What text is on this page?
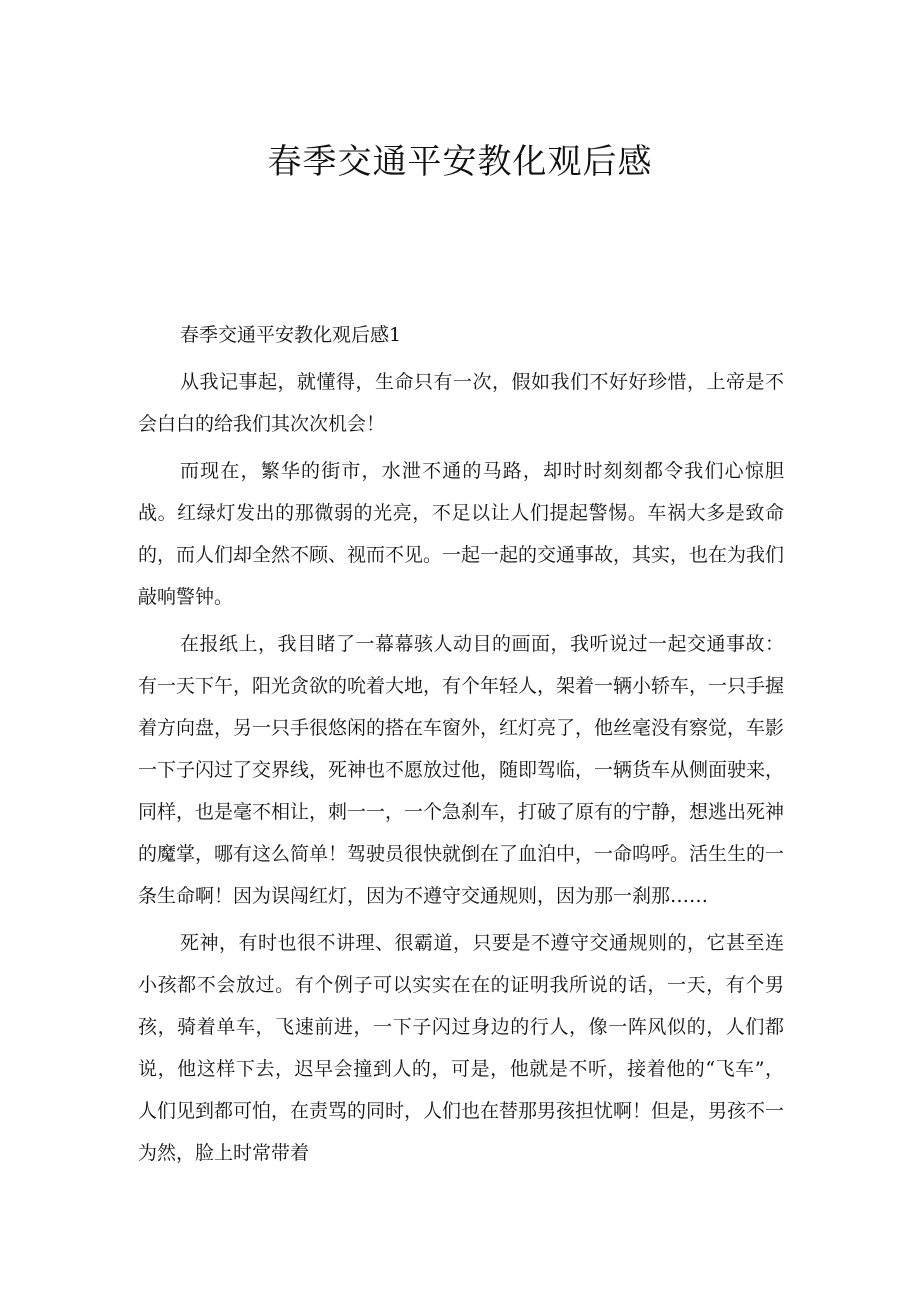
春季交通平安教化观后感

春季交通平安教化观后感1

从我记事起，就懂得，生命只有一次，假如我们不好好珍惜，上帝是不会白白的给我们其次次机会！

而现在，繁华的街市，水泄不通的马路，却时时刻刻都令我们心惊胆战。红绿灯发出的那微弱的光亮，不足以让人们提起警惕。车祸大多是致命的，而人们却全然不顾、视而不见。一起一起的交通事故，其实，也在为我们敲响警钟。

在报纸上，我目睹了一幕幕骇人动目的画面，我听说过一起交通事故：有一天下午，阳光贪欲的吮着大地，有个年轻人，架着一辆小轿车，一只手握着方向盘，另一只手很悠闲的搭在车窗外，红灯亮了，他丝毫没有察觉，车影一下子闪过了交界线，死神也不愿放过他，随即驾临，一辆货车从侧面驶来，同样，也是毫不相让，刺一一，一个急刹车，打破了原有的宁静，想逃出死神的魔掌，哪有这么简单！驾驶员很快就倒在了血泊中，一命呜呼。活生生的一条生命啊！因为误闯红灯，因为不遵守交通规则，因为那一刹那……

死神，有时也很不讲理、很霸道，只要是不遵守交通规则的，它甚至连小孩都不会放过。有个例子可以实实在在的证明我所说的话，一天，有个男孩，骑着单车，飞速前进，一下子闪过身边的行人，像一阵风似的，人们都说，他这样下去，迟早会撞到人的，可是，他就是不听，接着他的“飞车”，人们见到都可怕，在责骂的同时，人们也在替那男孩担忧啊！但是，男孩不一为然，脸上时常带着
